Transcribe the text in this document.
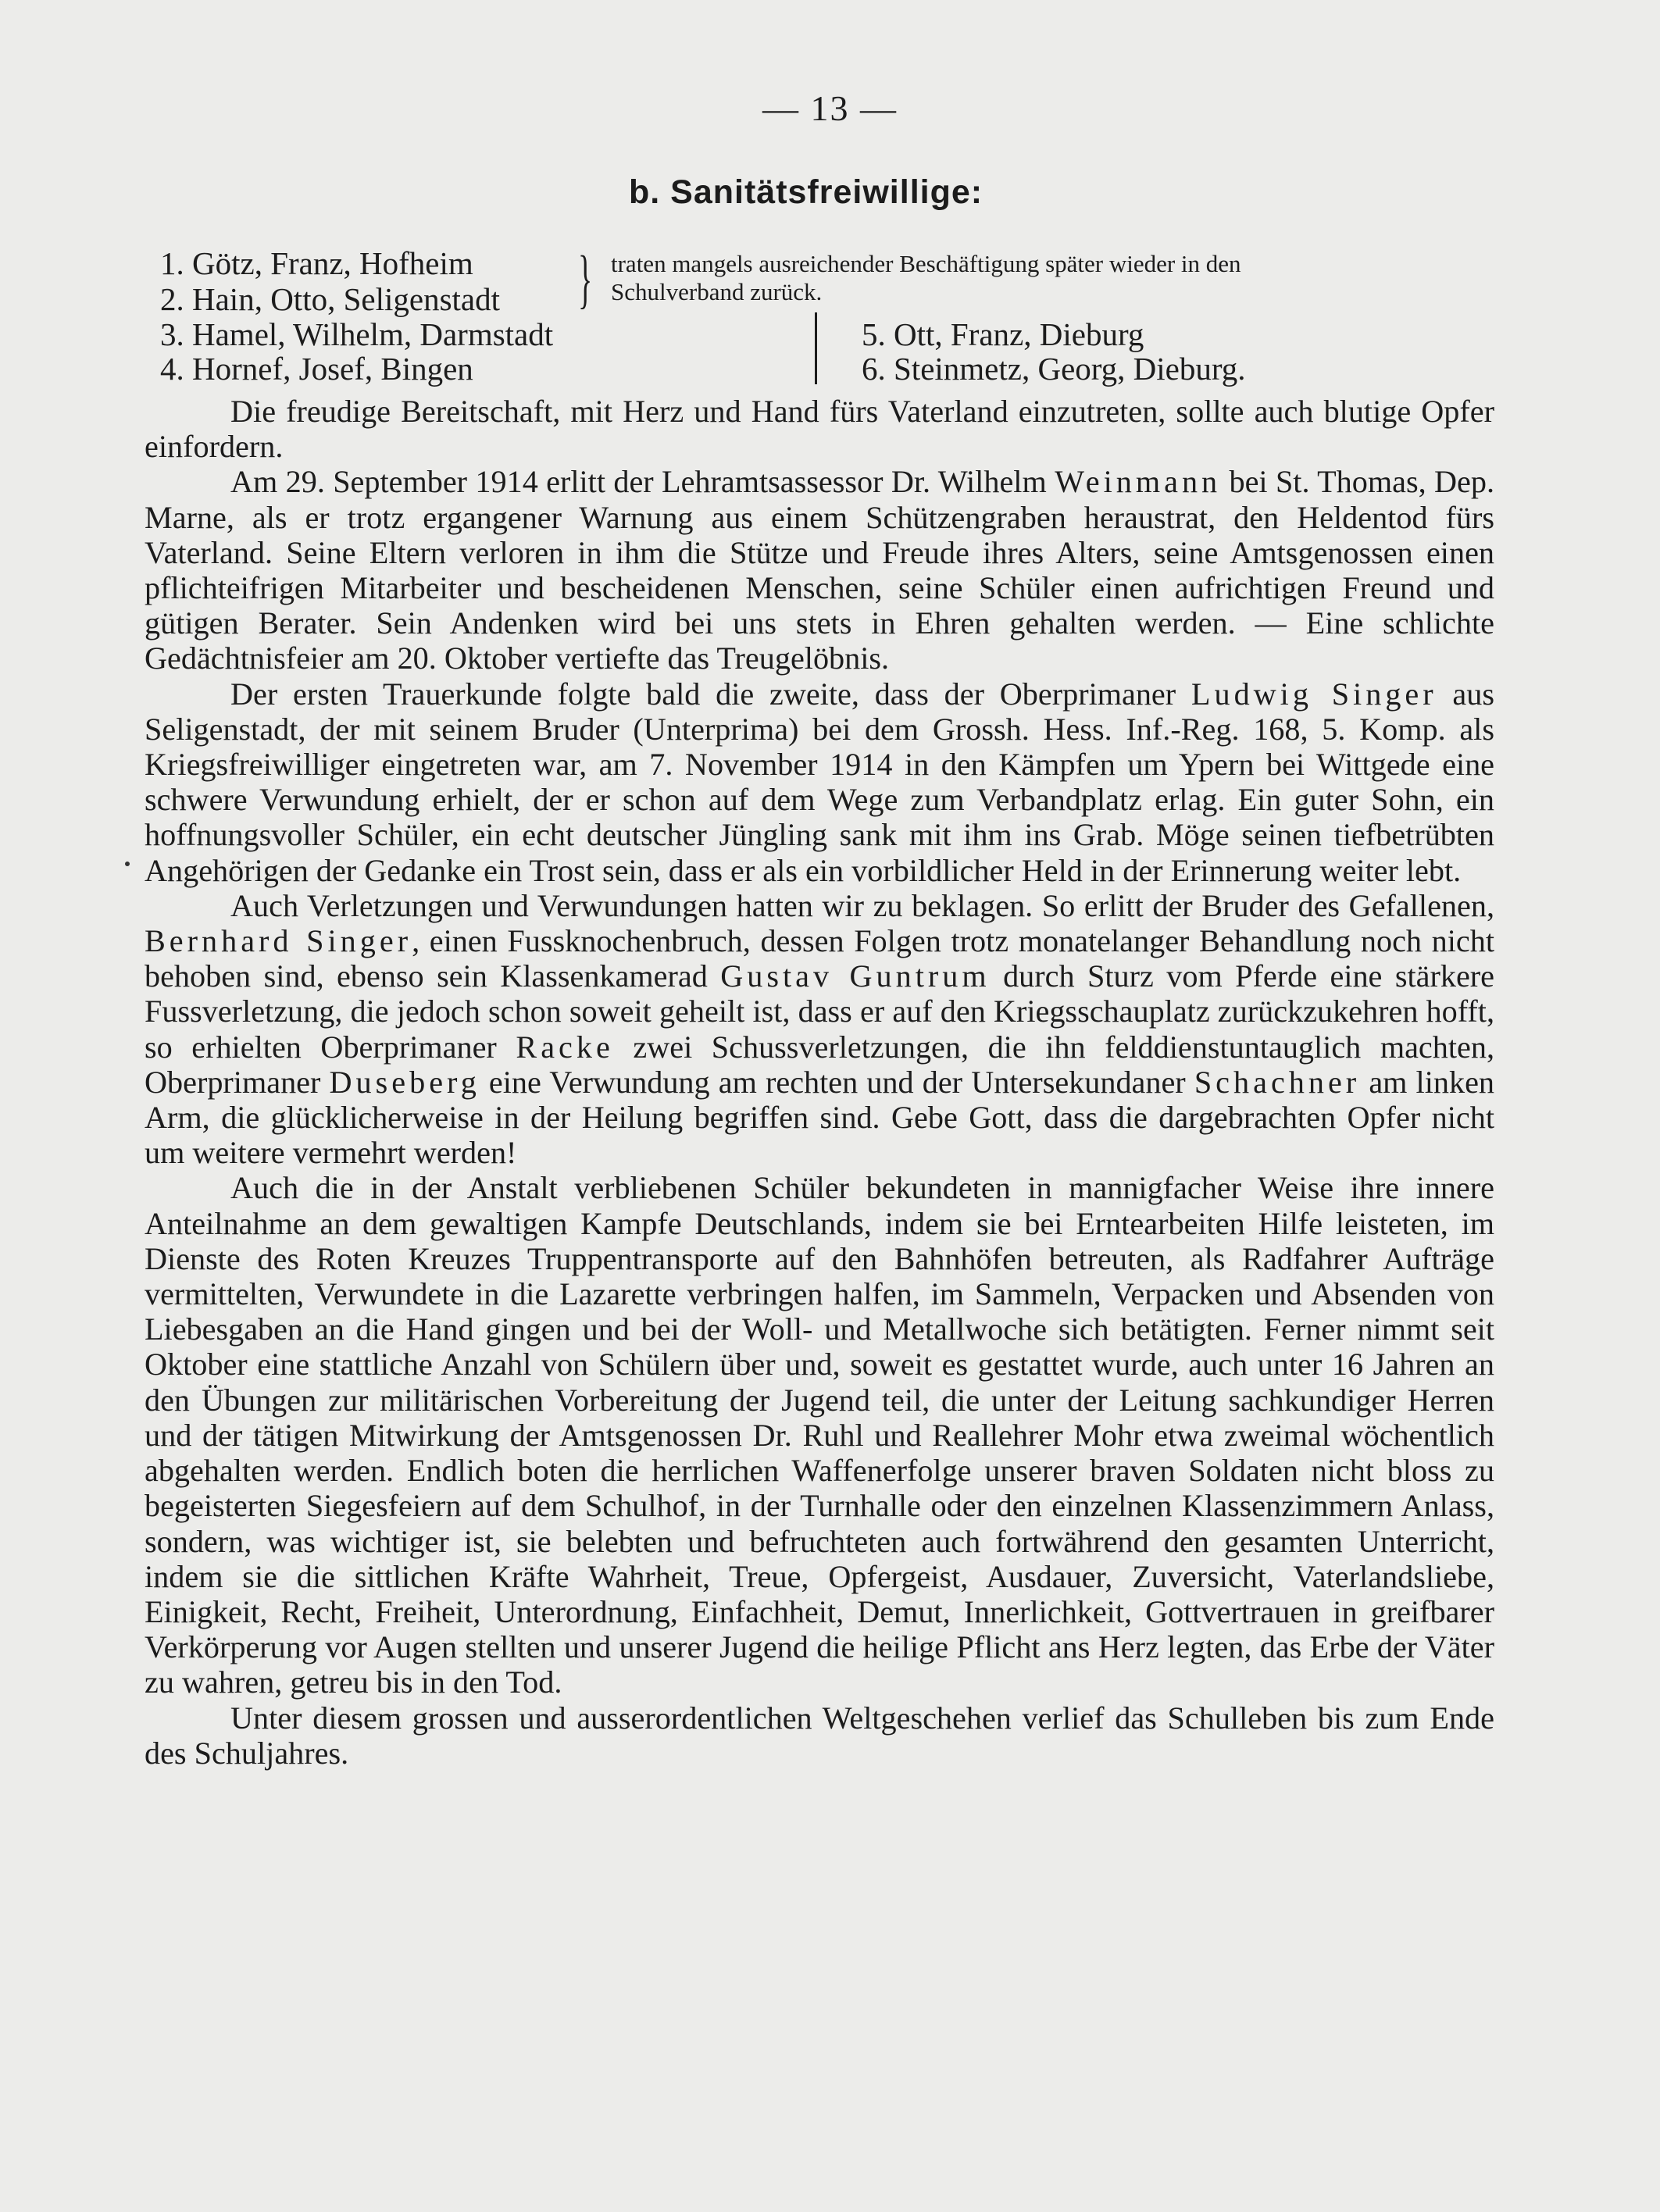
— 13 —
b. Sanitätsfreiwillige:
1. Götz, Franz, Hofheim
2. Hain, Otto, Seligenstadt
3. Hamel, Wilhelm, Darmstadt
4. Hornef, Josef, Bingen
} traten mangels ausreichender Beschäftigung später wieder in den
Schulverband zurück.
5. Ott, Franz, Dieburg
6. Steinmetz, Georg, Dieburg.

Die freudige Bereitschaft, mit Herz und Hand fürs Vaterland einzutreten, sollte auch blutige Opfer einfordern.

Am 29. September 1914 erlitt der Lehramtsassessor Dr. Wilhelm Weinmann bei St. Thomas, Dep. Marne, als er trotz ergangener Warnung aus einem Schützengraben heraustrat, den Heldentod fürs Vaterland. Seine Eltern verloren in ihm die Stütze und Freude ihres Alters, seine Amtsgenossen einen pflichteifrigen Mitarbeiter und bescheidenen Menschen, seine Schüler einen aufrichtigen Freund und gütigen Berater. Sein Andenken wird bei uns stets in Ehren gehalten werden. — Eine schlichte Gedächtnisfeier am 20. Oktober vertiefte das Treugelöbnis.

Der ersten Trauerkunde folgte bald die zweite, dass der Oberprimaner Ludwig Singer aus Seligenstadt, der mit seinem Bruder (Unterprima) bei dem Grossh. Hess. Inf.-Reg. 168, 5. Komp. als Kriegsfreiwilliger eingetreten war, am 7. November 1914 in den Kämpfen um Ypern bei Wittgede eine schwere Verwundung erhielt, der er schon auf dem Wege zum Verbandplatz erlag. Ein guter Sohn, ein hoffnungsvoller Schüler, ein echt deutscher Jüngling sank mit ihm ins Grab. Möge seinen tiefbetrübten Angehörigen der Gedanke ein Trost sein, dass er als ein vorbildlicher Held in der Erinnerung weiter lebt.

Auch Verletzungen und Verwundungen hatten wir zu beklagen. So erlitt der Bruder des Gefallenen, Bernhard Singer, einen Fussknochenbruch, dessen Folgen trotz monatelanger Behandlung noch nicht behoben sind, ebenso sein Klassenkamerad Gustav Guntrum durch Sturz vom Pferde eine stärkere Fussverletzung, die jedoch schon soweit geheilt ist, dass er auf den Kriegsschauplatz zurückzukehren hofft, so erhielten Oberprimaner Racke zwei Schussverletzungen, die ihn felddienstuntauglich machten, Oberprimaner Duseberg eine Verwundung am rechten und der Untersekundaner Schachner am linken Arm, die glücklicherweise in der Heilung begriffen sind. Gebe Gott, dass die dargebrachten Opfer nicht um weitere vermehrt werden!

Auch die in der Anstalt verbliebenen Schüler bekundeten in mannigfacher Weise ihre innere Anteilnahme an dem gewaltigen Kampfe Deutschlands, indem sie bei Erntearbeiten Hilfe leisteten, im Dienste des Roten Kreuzes Truppentransporte auf den Bahnhöfen betreuten, als Radfahrer Aufträge vermittelten, Verwundete in die Lazarette verbringen halfen, im Sammeln, Verpacken und Absenden von Liebesgaben an die Hand gingen und bei der Woll- und Metallwoche sich betätigten. Ferner nimmt seit Oktober eine stattliche Anzahl von Schülern über und, soweit es gestattet wurde, auch unter 16 Jahren an den Übungen zur militärischen Vorbereitung der Jugend teil, die unter der Leitung sachkundiger Herren und der tätigen Mitwirkung der Amtsgenossen Dr. Ruhl und Reallehrer Mohr etwa zweimal wöchentlich abgehalten werden. Endlich boten die herrlichen Waffenerfolge unserer braven Soldaten nicht bloss zu begeisterten Siegesfeiern auf dem Schulhof, in der Turnhalle oder den einzelnen Klassenzimmern Anlass, sondern, was wichtiger ist, sie belebten und befruchteten auch fortwährend den gesamten Unterricht, indem sie die sittlichen Kräfte Wahrheit, Treue, Opfergeist, Ausdauer, Zuversicht, Vaterlandsliebe, Einigkeit, Recht, Freiheit, Unterordnung, Einfachheit, Demut, Innerlichkeit, Gottvertrauen in greifbarer Verkörperung vor Augen stellten und unserer Jugend die heilige Pflicht ans Herz legten, das Erbe der Väter zu wahren, getreu bis in den Tod.

Unter diesem grossen und ausserordentlichen Weltgeschehen verlief das Schulleben bis zum Ende des Schuljahres.
